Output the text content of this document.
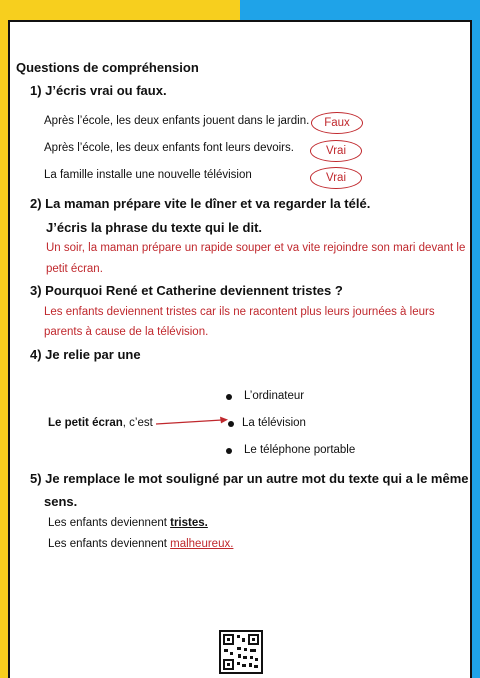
Questions de compréhension
1) J’écris vrai ou faux.
Après l’école, les deux enfants jouent dans le jardin. Faux
Après l’école, les deux enfants font leurs devoirs.	Vrai
La famille installe une nouvelle télévision	Vrai
2) La maman prépare vite le dîner et va regarder la télé.
J’écris la phrase du texte qui le dit.
Un soir, la maman prépare un rapide souper et va vite rejoindre son mari devant le
petit écran.
3) Pourquoi René et Catherine deviennent tristes ?
Les enfants deviennent tristes car ils ne racontent plus leurs journées à leurs
parents à cause de la télévision.
4) Je relie par une
L’ordinateur
Le petit écran, c’est	La télévision
Le téléphone portable
5) Je remplace le mot souligné par un autre mot du texte qui a le même
sens.
Les enfants deviennent tristes.
Les enfants deviennent malheureux.
